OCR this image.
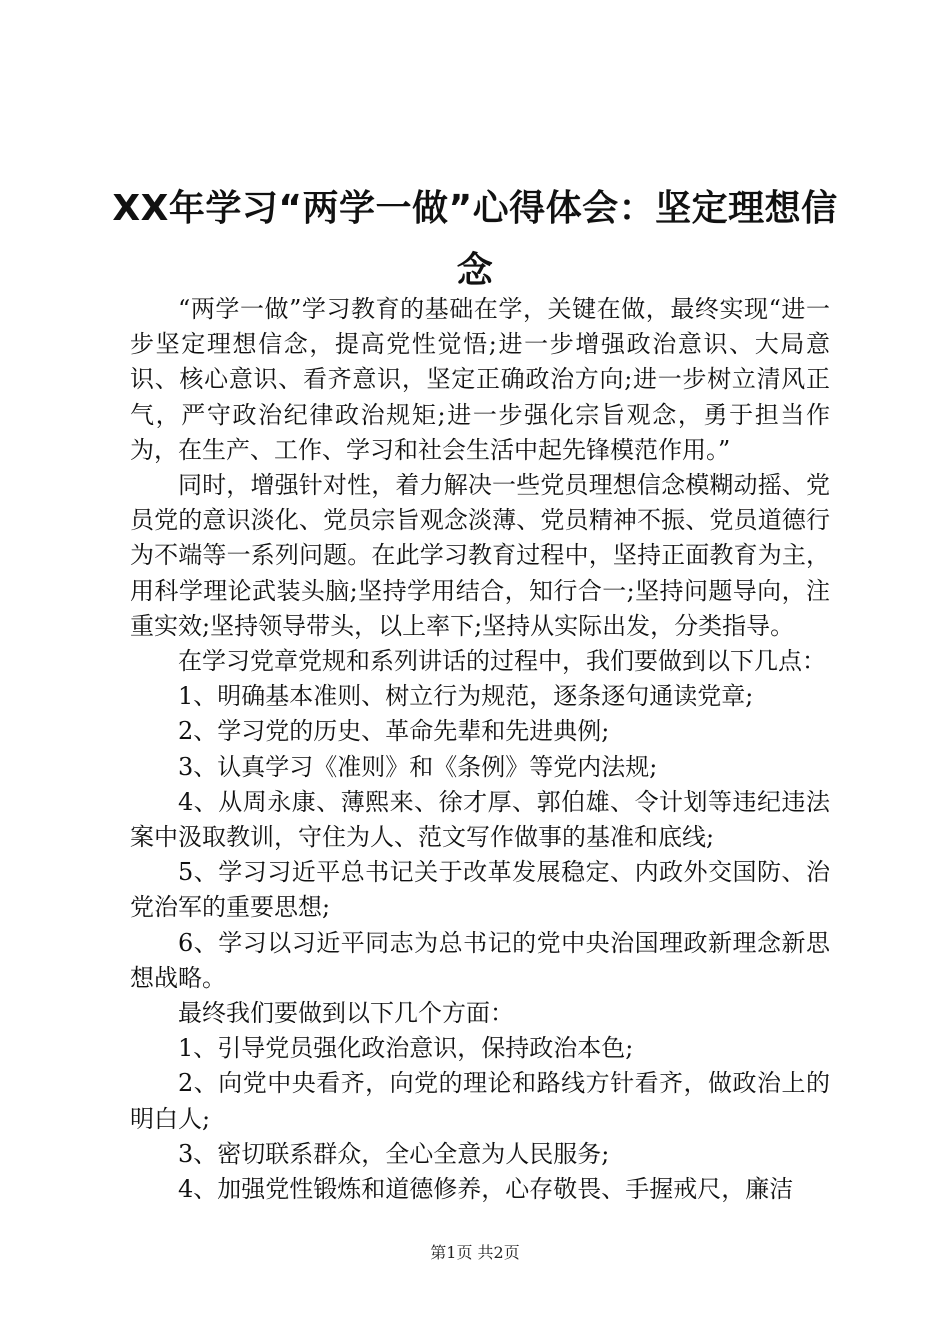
XX年学习“两学一做”心得体会：坚定理想信念

“两学一做”学习教育的基础在学，关键在做，最终实现“进一步坚定理想信念，提高党性觉悟;进一步增强政治意识、大局意识、核心意识、看齐意识，坚定正确政治方向;进一步树立清风正气，严守政治纪律政治规矩;进一步强化宗旨观念，勇于担当作为，在生产、工作、学习和社会生活中起先锋模范作用。”

同时，增强针对性，着力解决一些党员理想信念模糊动摇、党员党的意识淡化、党员宗旨观念淡薄、党员精神不振、党员道德行为不端等一系列问题。在此学习教育过程中，坚持正面教育为主，用科学理论武装头脑;坚持学用结合，知行合一;坚持问题导向，注重实效;坚持领导带头，以上率下;坚持从实际出发，分类指导。

在学习党章党规和系列讲话的过程中，我们要做到以下几点：

1、明确基本准则、树立行为规范，逐条逐句通读党章;

2、学习党的历史、革命先辈和先进典例;

3、认真学习《准则》和《条例》等党内法规;

4、从周永康、薄熙来、徐才厚、郭伯雄、令计划等违纪违法案中汲取教训，守住为人、范文写作做事的基准和底线;

5、学习习近平总书记关于改革发展稳定、内政外交国防、治党治军的重要思想;

6、学习以习近平同志为总书记的党中央治国理政新理念新思想战略。

最终我们要做到以下几个方面：

1、引导党员强化政治意识，保持政治本色;

2、向党中央看齐，向党的理论和路线方针看齐，做政治上的明白人;

3、密切联系群众，全心全意为人民服务;

4、加强党性锻炼和道德修养，心存敬畏、手握戒尺，廉洁

第1页 共2页
